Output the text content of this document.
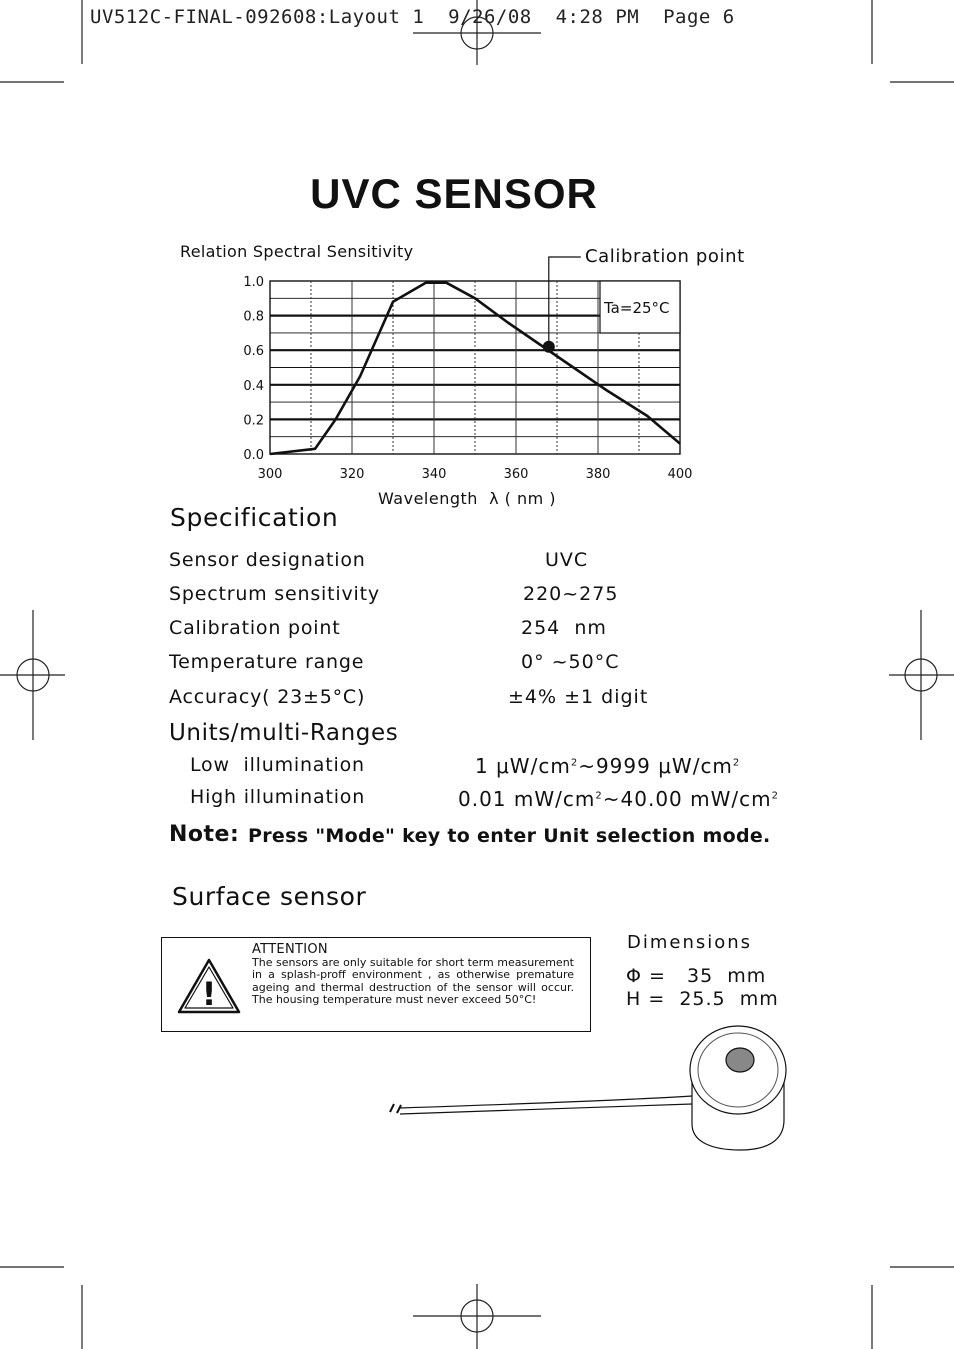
UV512C-FINAL-092608:Layout 1  9/26/08  4:28 PM  Page 6
UVC SENSOR
Relation Spectral Sensitivity	Calibration point
0.0
0.2
0.4
0.6
0.8
1.0
300	320	340	360	380	400
Ta=25°C
Wavelength  λ ( nm )
Specification
Sensor designation	UVC
Spectrum sensitivity	220~275
Calibration point	254  nm
Temperature range	0° ~50°C
Accuracy( 23±5°C)	±4% ±1 digit
Units/multi-Ranges
Low  illumination	1 $\mu W/cm^2\sim 9999$ $\mu W/cm^2$
High illumination	0.01 $mW/cm^2\sim 40.00$ $mW/cm^2$
Note: Press "Mode" key to enter Unit selection mode.
Surface sensor
!
ATTENTION
The sensors are only suitable for short term measurement in a splash-proff environment , as otherwise premature ageing and thermal destruction of the sensor will occur. The housing temperature must never exceed 50°C!
Dimensions
Φ =   35  mm
H =  25.5  mm
